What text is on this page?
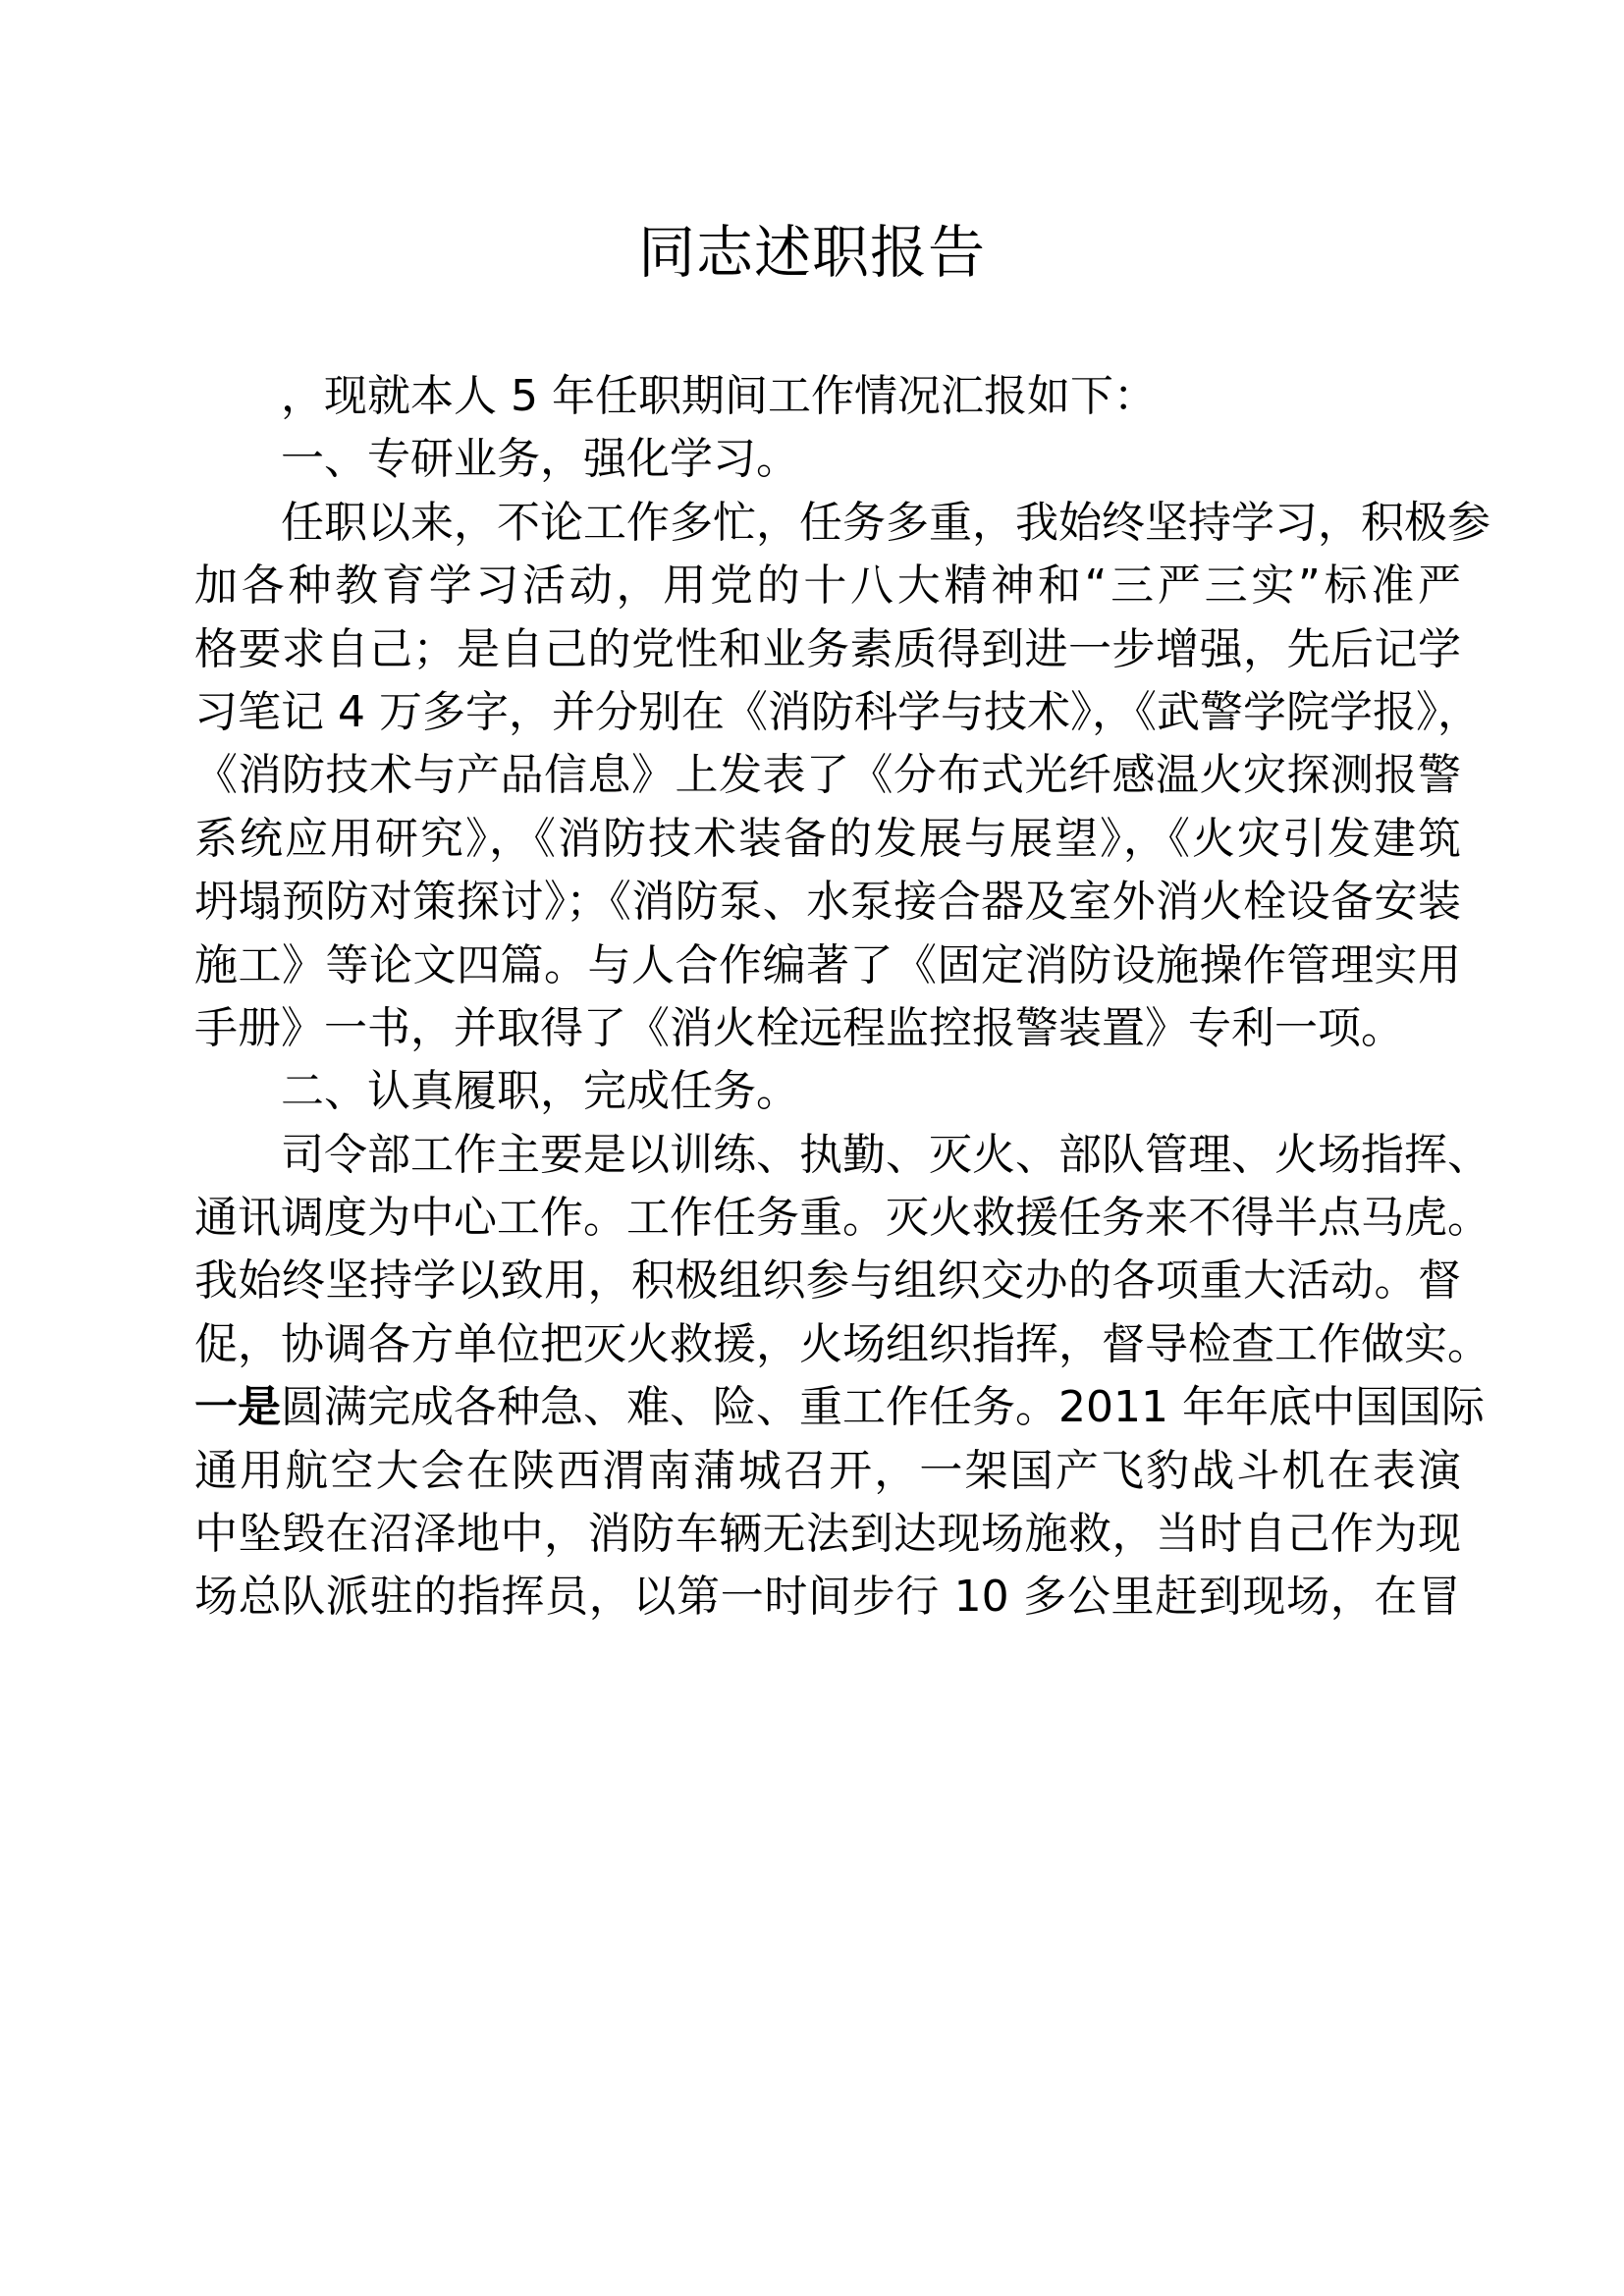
同志述职报告
，现就本人 5 年任职期间工作情况汇报如下：
一、专研业务，强化学习。
任职以来，不论工作多忙，任务多重，我始终坚持学习，积极参
加各种教育学习活动，用党的十八大精神和“三严三实”标准严
格要求自己；是自己的党性和业务素质得到进一步增强，先后记学
习笔记 4 万多字，并分别在《消防科学与技术》，《武警学院学报》，
《消防技术与产品信息》上发表了《分布式光纤感温火灾探测报警
系统应用研究》，《消防技术装备的发展与展望》，《火灾引发建筑
坍塌预防对策探讨》；《消防泵、水泵接合器及室外消火栓设备安装
施工》等论文四篇。与人合作编著了《固定消防设施操作管理实用
手册》一书，并取得了《消火栓远程监控报警装置》专利一项。
二、认真履职，完成任务。
司令部工作主要是以训练、执勤、灭火、部队管理、火场指挥、
通讯调度为中心工作。工作任务重。灭火救援任务来不得半点马虎。
我始终坚持学以致用，积极组织参与组织交办的各项重大活动。督
促，协调各方单位把灭火救援，火场组织指挥，督导检查工作做实。
一是圆满完成各种急、难、险、重工作任务。2011 年年底中国国际
通用航空大会在陕西渭南蒲城召开，一架国产飞豹战斗机在表演
中坠毁在沼泽地中，消防车辆无法到达现场施救，当时自己作为现
场总队派驻的指挥员，以第一时间步行 10 多公里赶到现场，在冒
